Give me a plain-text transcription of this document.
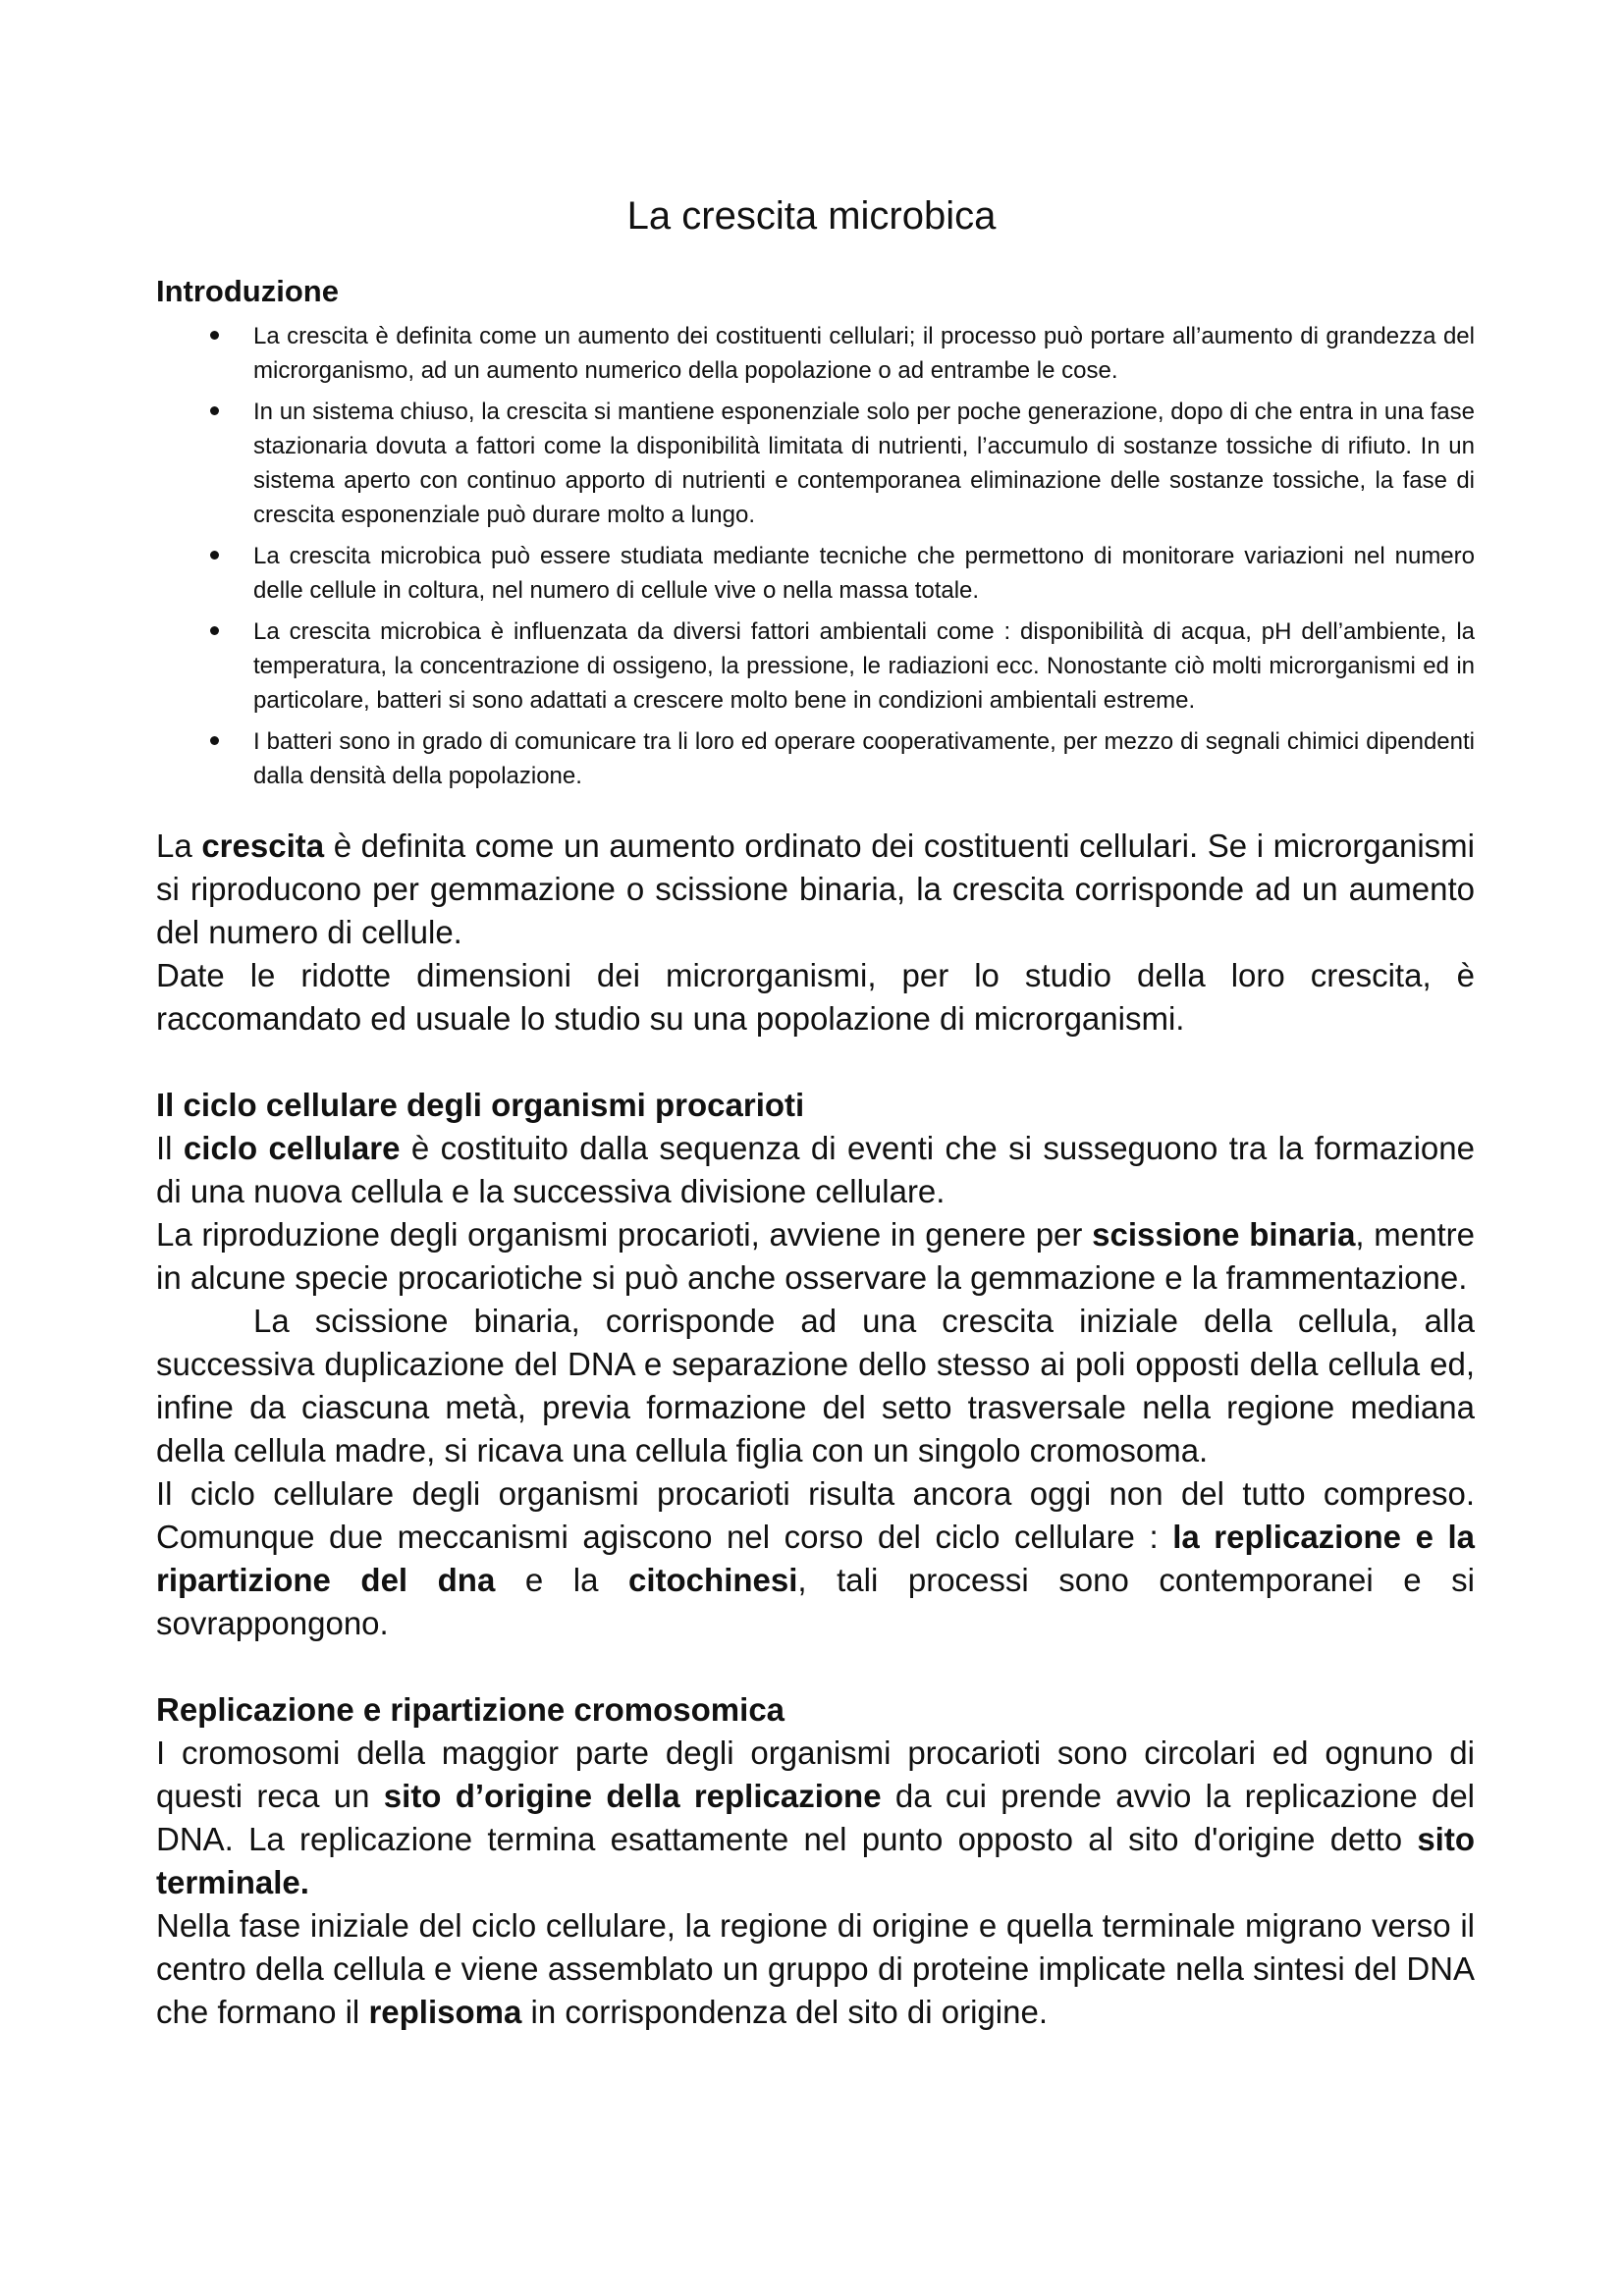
La crescita microbica
Introduzione
La crescita è definita come un aumento dei costituenti cellulari; il processo può portare all’aumento di grandezza del microrganismo, ad un aumento numerico della popolazione o ad entrambe le cose.
In un sistema chiuso, la crescita si mantiene esponenziale solo per poche generazione, dopo di che entra in una fase stazionaria dovuta a fattori come la disponibilità limitata di nutrienti, l’accumulo di sostanze tossiche di rifiuto. In un sistema aperto con continuo apporto di nutrienti e contemporanea eliminazione delle sostanze tossiche, la fase di crescita esponenziale può durare molto a lungo.
La crescita microbica può essere studiata mediante tecniche che permettono di monitorare variazioni nel numero delle cellule in coltura, nel numero di cellule vive o nella massa totale.
La crescita microbica è influenzata da diversi fattori ambientali come : disponibilità di acqua, pH dell’ambiente, la temperatura, la concentrazione di ossigeno, la pressione, le radiazioni ecc. Nonostante ciò molti microrganismi ed in particolare, batteri si sono adattati a crescere molto bene in condizioni ambientali estreme.
I batteri sono in grado di comunicare tra li loro ed operare cooperativamente, per mezzo di segnali chimici dipendenti dalla densità della popolazione.

La crescita è definita come un aumento ordinato dei costituenti cellulari. Se i microrganismi si riproducono per gemmazione o scissione binaria, la crescita corrisponde ad un aumento del numero di cellule.

Date le ridotte dimensioni dei microrganismi, per lo studio della loro crescita, è raccomandato ed usuale lo studio su una popolazione di microrganismi.

Il ciclo cellulare degli organismi procarioti

Il ciclo cellulare è costituito dalla sequenza di eventi che si susseguono tra la formazione di una nuova cellula e la successiva divisione cellulare.

La riproduzione degli organismi procarioti, avviene in genere per scissione binaria, mentre in alcune specie procariotiche si può anche osservare la gemmazione e la frammentazione.

La scissione binaria, corrisponde ad una crescita iniziale della cellula, alla successiva duplicazione del DNA e separazione dello stesso ai poli opposti della cellula ed, infine da ciascuna metà, previa formazione del setto trasversale nella regione mediana della cellula madre, si ricava una cellula figlia con un singolo cromosoma.

Il ciclo cellulare degli organismi procarioti risulta ancora oggi non del tutto compreso. Comunque due meccanismi agiscono nel corso del ciclo cellulare : la replicazione e la ripartizione del dna e la citochinesi, tali processi sono contemporanei e si sovrappongono.

Replicazione e ripartizione cromosomica

I cromosomi della maggior parte degli organismi procarioti sono circolari ed ognuno di questi reca un sito d’origine della replicazione da cui prende avvio la replicazione del DNA. La replicazione termina esattamente nel punto opposto al sito d'origine detto sito terminale.

Nella fase iniziale del ciclo cellulare, la regione di origine e quella terminale migrano verso il centro della cellula e viene assemblato un gruppo di proteine implicate nella sintesi del DNA che formano il replisoma in corrispondenza del sito di origine.
